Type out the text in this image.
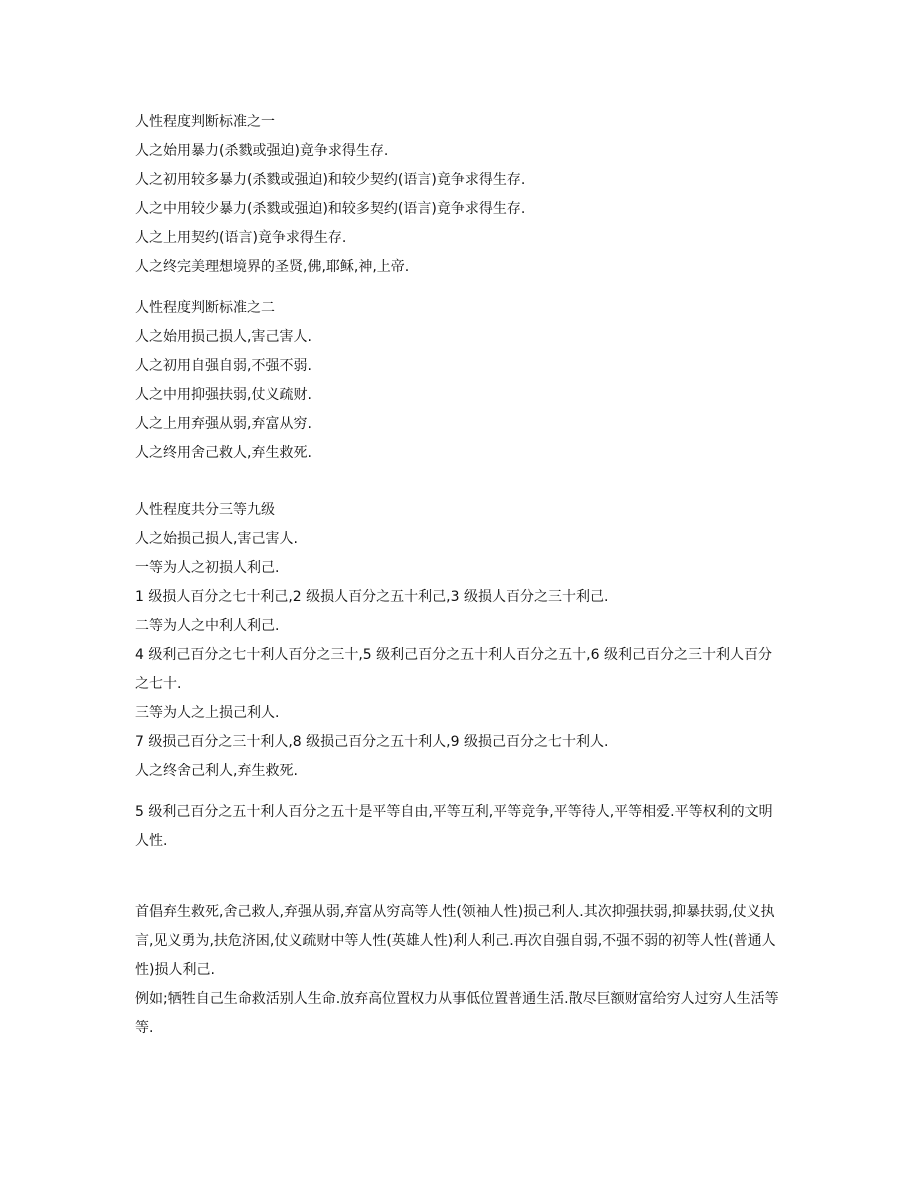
人性程度判断标准之一

人之始用暴力(杀戮或强迫)竟争求得生存.

人之初用较多暴力(杀戮或强迫)和较少契约(语言)竟争求得生存.

人之中用较少暴力(杀戮或强迫)和较多契约(语言)竟争求得生存.

人之上用契约(语言)竟争求得生存.

人之终完美理想境界的圣贤,佛,耶稣,神,上帝.

人性程度判断标准之二

人之始用损己损人,害己害人.

人之初用自强自弱,不强不弱.

人之中用抑强扶弱,仗义疏财.

人之上用弃强从弱,弃富从穷.

人之终用舍己救人,弃生救死.

人性程度共分三等九级

人之始损己损人,害己害人.

一等为人之初损人利己.

1 级损人百分之七十利己,2 级损人百分之五十利己,3 级损人百分之三十利己.

二等为人之中利人利己.

4 级利己百分之七十利人百分之三十,5 级利己百分之五十利人百分之五十,6 级利己百分之三十利人百分之七十.

三等为人之上损己利人.

7 级损己百分之三十利人,8 级损己百分之五十利人,9 级损己百分之七十利人.

人之终舍己利人,弃生救死.

5 级利己百分之五十利人百分之五十是平等自由,平等互利,平等竞争,平等待人,平等相爱.平等权利的文明人性.

首倡弃生救死,舍己救人,弃强从弱,弃富从穷高等人性(领袖人性)损己利人.其次抑强扶弱,抑暴扶弱,仗义执言,见义勇为,扶危济困,仗义疏财中等人性(英雄人性)利人利己.再次自强自弱,不强不弱的初等人性(普通人性)损人利己.

例如;牺牲自己生命救活别人生命.放弃高位置权力从事低位置普通生活.散尽巨额财富给穷人过穷人生活等等.
